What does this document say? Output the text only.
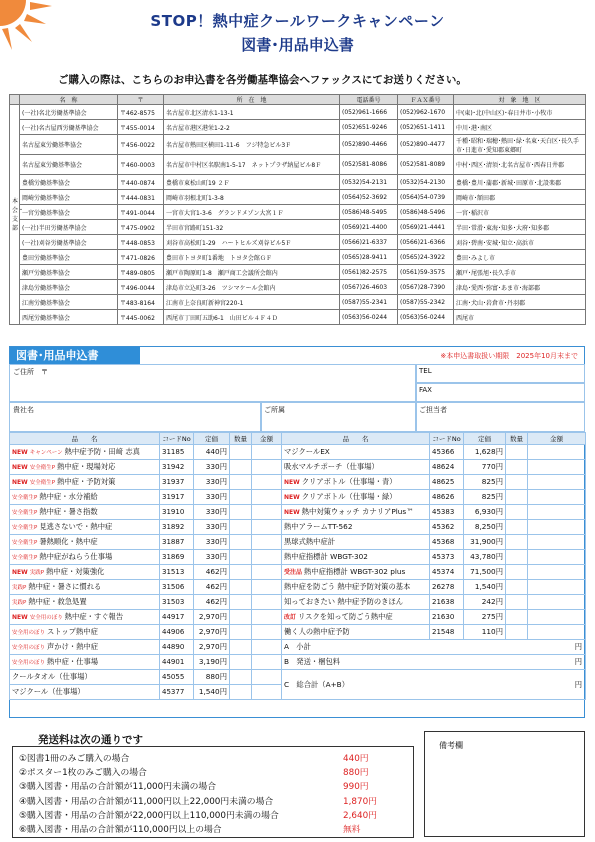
STOP！熱中症クールワークキャンペーン
図書･用品申込書
ご購入の際は、こちらのお申込書を各労働基準協会へファックスにてお送りください。
	名　称	〒	所　在　地	電話番号	ＦＡＸ番号	対　象　地　区
本会・支部	(一社)名北労働基準協会	〒462-8575	名古屋市北区清水1-13-1	(052)961-1666	(052)962-1670	中(東)･北(中山区)･春日井市･小牧市
	(一社)名古屋西労働基準協会	〒455-0014	名古屋市港区港栄1-2-2	(052)651-9246	(052)651-1411	中川･港･南区
	名古屋東労働基準協会	〒456-0022	名古屋市熱田区横田1-11-6　フジ特急ビル3Ｆ	(052)890-4466	(052)890-4477	千種･昭和･瑞穂･熱田･緑･名東･天白区･長久手市･日進市･愛知郡東郷町
	名古屋東労働基準協会	〒460-0003	名古屋市中村区名駅南1-5-17　ネットプラザ納屋ビル8Ｆ	(052)581-8086	(052)581-8089	中村･西区･清須･北名古屋市･西春日井郡
	豊橋労働基準協会	〒440-0874	豊橋市東松山町19 ２Ｆ	(0532)54-2131	(0532)54-2130	豊橋･豊川･蒲郡･新城･田原市･北設楽郡
	岡崎労働基準協会	〒444-0831	岡崎市羽根北町1-3-8	(0564)52-3692	(0564)54-0739	岡崎市･額田郡
	一宮労働基準協会	〒491-0044	一宮市大宮1-3-6　グランドメゾン大宮１Ｆ	(0586)48-5495	(0586)48-5496	一宮･稲沢市
	(一社)半田労働基準協会	〒475-0902	半田市宮路町151-32	(0569)21-4400	(0569)21-4441	半田･常滑･東海･知多･大府･知多郡
	(一社)刈谷労働基準協会	〒448-0853	刈谷市高松町1-29　ハートヒルズ刈谷ビル5Ｆ	(0566)21-6337	(0566)21-6366	刈谷･碧南･安城･知立･高浜市
	豊田労働基準協会	〒471-0826	豊田市トヨタ町1番地　トヨタ会館ＧＦ	(0565)28-9411	(0565)24-3922	豊田･みよし市
	瀬戸労働基準協会	〒489-0805	瀬戸市陶原町1-8　瀬戸商工会議所会館内	(0561)82-2575	(0561)59-3575	瀬戸･尾張旭･長久手市
	津島労働基準協会	〒496-0044	津島市立込町3-26　ツシマケール会館内	(0567)26-4603	(0567)28-7390	津島･愛西･弥富･あま市･海部郡
	江南労働基準協会	〒483-8164	江南市上奈良町新神宮220-1	(0587)55-2341	(0587)55-2342	江南･犬山･岩倉市･丹羽郡
	西尾労働基準協会	〒445-0062	西尾市丁田町五助6-1　山田ビル４Ｆ４Ｄ	(0563)56-0244	(0563)56-0244	西尾市
図書･用品申込書	※本申込書取扱い期限　2025年10月末まで
ご住所　〒	TEL
FAX
貴社名	ご所属	ご担当者
品　　名	コードNo	定価	数量	金額	品　　名	コードNo	定価	数量	金額
NEW キャンペーン 熱中症予防・田﨑 志真	31185	440円			マジクールEX	45366	1,628円		
NEW 安全衛生P 熱中症・現場対応	31942	330円			吸水マルチポーチ（仕事場）	48624	770円		
NEW 安全衛生P 熱中症・予防対策	31937	330円			NEW クリアボトル（仕事場・青）	48625	825円		
安全衛生P 熱中症・水分補給	31917	330円			NEW クリアボトル（仕事場・緑）	48626	825円		
安全衛生P 熱中症・暑さ指数	31910	330円			NEW 熱中対策ウォッチ カナリアPlus™	45383	6,930円		
安全衛生P 見逃さないで・熱中症	31892	330円			熱中アラームTT-562	45362	8,250円		
安全衛生P 暑熱順化・熱中症	31887	330円			黒球式熱中症計	45368	31,900円		
安全衛生P 熱中症がねらう仕事場	31869	330円			熱中症指標計 WBGT-302	45373	43,780円		
NEW 実践P 熱中症・対策強化	31513	462円			受注品 熱中症指標計 WBGT-302 plus	45374	71,500円		
実践P 熱中症・暑さに慣れる	31506	462円			熱中症を防ごう 熱中症予防対策の基本	26278	1,540円		
実践P 熱中症・救急処置	31503	462円			知っておきたい 熱中症予防のきほん	21638	242円		
NEW 安全用のぼり 熱中症・すぐ報告	44917	2,970円			改訂 リスクを知って防ごう熱中症	21630	275円		
安全用のぼり ストップ熱中症	44906	2,970円			働く人の熱中症予防	21548	110円		
安全用のぼり 声かけ・熱中症	44890	2,970円			A　小計 円				

安全用のぼり 熱中症・仕事場	44901	3,190円			B　発送・梱包料 円				

クールタオル（仕事場）	45055	880円			C　総合計（A+B） 円				

マジクール（仕事場）	45377	1,540円							
発送料は次の通りです
①図書1冊のみご購入の場合	440円
②ポスター1枚のみご購入の場合	880円
③購入図書・用品の合計額が11,000円未満の場合	990円
④購入図書・用品の合計額が11,000円以上22,000円未満の場合	1,870円
⑤購入図書・用品の合計額が22,000円以上110,000円未満の場合	2,640円
⑥購入図書・用品の合計額が110,000円以上の場合	無料
備考欄
